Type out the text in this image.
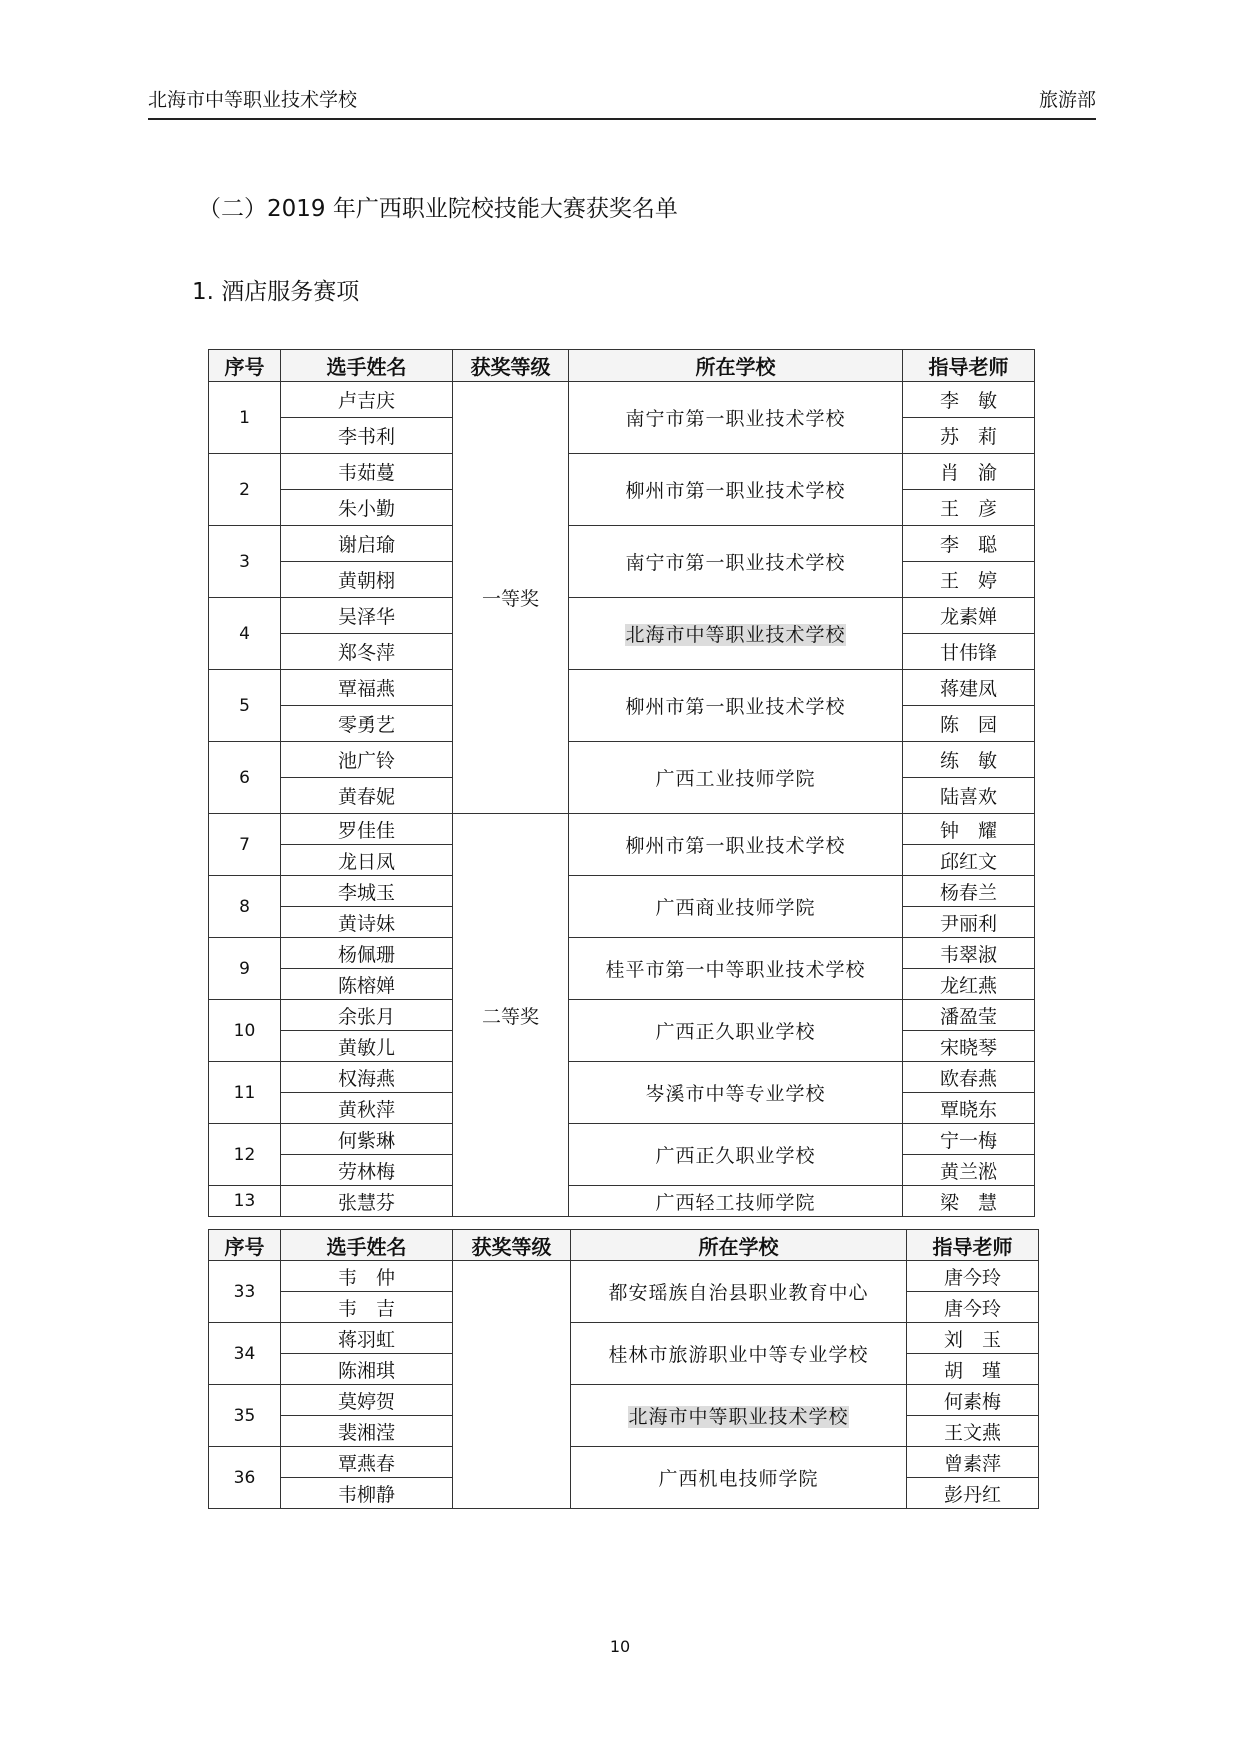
北海市中等职业技术学校	旅游部
（二）2019 年广西职业院校技能大赛获奖名单
1. 酒店服务赛项
序号	选手姓名	获奖等级	所在学校	指导老师
1	卢吉庆	一等奖	南宁市第一职业技术学校	李　敏
	李书利			苏　莉
2	韦茹蔓		柳州市第一职业技术学校	肖　渝
	朱小勤			王　彦
3	谢启瑜		南宁市第一职业技术学校	李　聪
	黄朝栩			王　婷
4	吴泽华		北海市中等职业技术学校	龙素婵
	郑冬萍			甘伟锋
5	覃福燕		柳州市第一职业技术学校	蒋建凤
	零勇艺			陈　园
6	池广铃		广西工业技师学院	练　敏
	黄春妮			陆喜欢
7	罗佳佳	二等奖	柳州市第一职业技术学校	钟　耀
	龙日凤			邱红文
8	李城玉		广西商业技师学院	杨春兰
	黄诗妹			尹丽利
9	杨佩珊		桂平市第一中等职业技术学校	韦翠淑
	陈榕婵			龙红燕
10	余张月		广西正久职业学校	潘盈莹
	黄敏儿			宋晓琴
11	权海燕		岑溪市中等专业学校	欧春燕
	黄秋萍			覃晓东
12	何紫琳		广西正久职业学校	宁一梅
	劳林梅			黄兰淞
13	张慧芬		广西轻工技师学院	梁　慧
序号	选手姓名	获奖等级	所在学校	指导老师
33	韦　仲		都安瑶族自治县职业教育中心	唐今玲
	韦　吉			唐今玲
34	蒋羽虹		桂林市旅游职业中等专业学校	刘　玉
	陈湘琪			胡　瑾
35	莫婷贺		北海市中等职业技术学校	何素梅
	裴湘滢			王文燕
36	覃燕春		广西机电技师学院	曾素萍
	韦柳静			彭丹红
10
